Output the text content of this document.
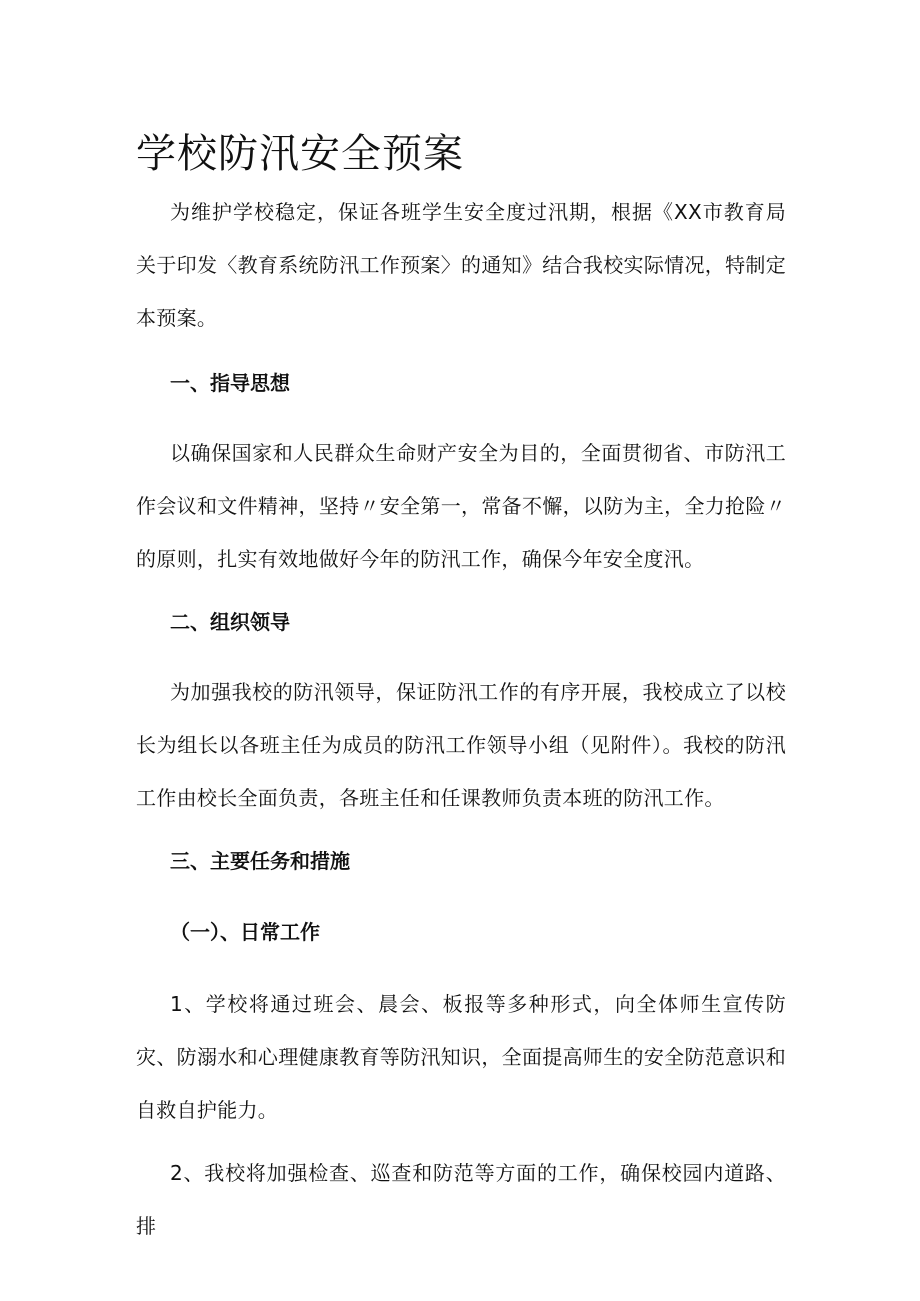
学校防汛安全预案

为维护学校稳定，保证各班学生安全度过汛期，根据《XX市教育局关于印发〈教育系统防汛工作预案〉的通知》结合我校实际情况，特制定本预案。

一、指导思想

以确保国家和人民群众生命财产安全为目的，全面贯彻省、市防汛工作会议和文件精神，坚持〃安全第一，常备不懈，以防为主，全力抢险〃的原则，扎实有效地做好今年的防汛工作，确保今年安全度汛。

二、组织领导

为加强我校的防汛领导，保证防汛工作的有序开展，我校成立了以校长为组长以各班主任为成员的防汛工作领导小组（见附件）。我校的防汛工作由校长全面负责，各班主任和任课教师负责本班的防汛工作。

三、主要任务和措施
（一）、日常工作

1、学校将通过班会、晨会、板报等多种形式，向全体师生宣传防灾、防溺水和心理健康教育等防汛知识，全面提高师生的安全防范意识和自救自护能力。

2、我校将加强检查、巡查和防范等方面的工作，确保校园内道路、排
